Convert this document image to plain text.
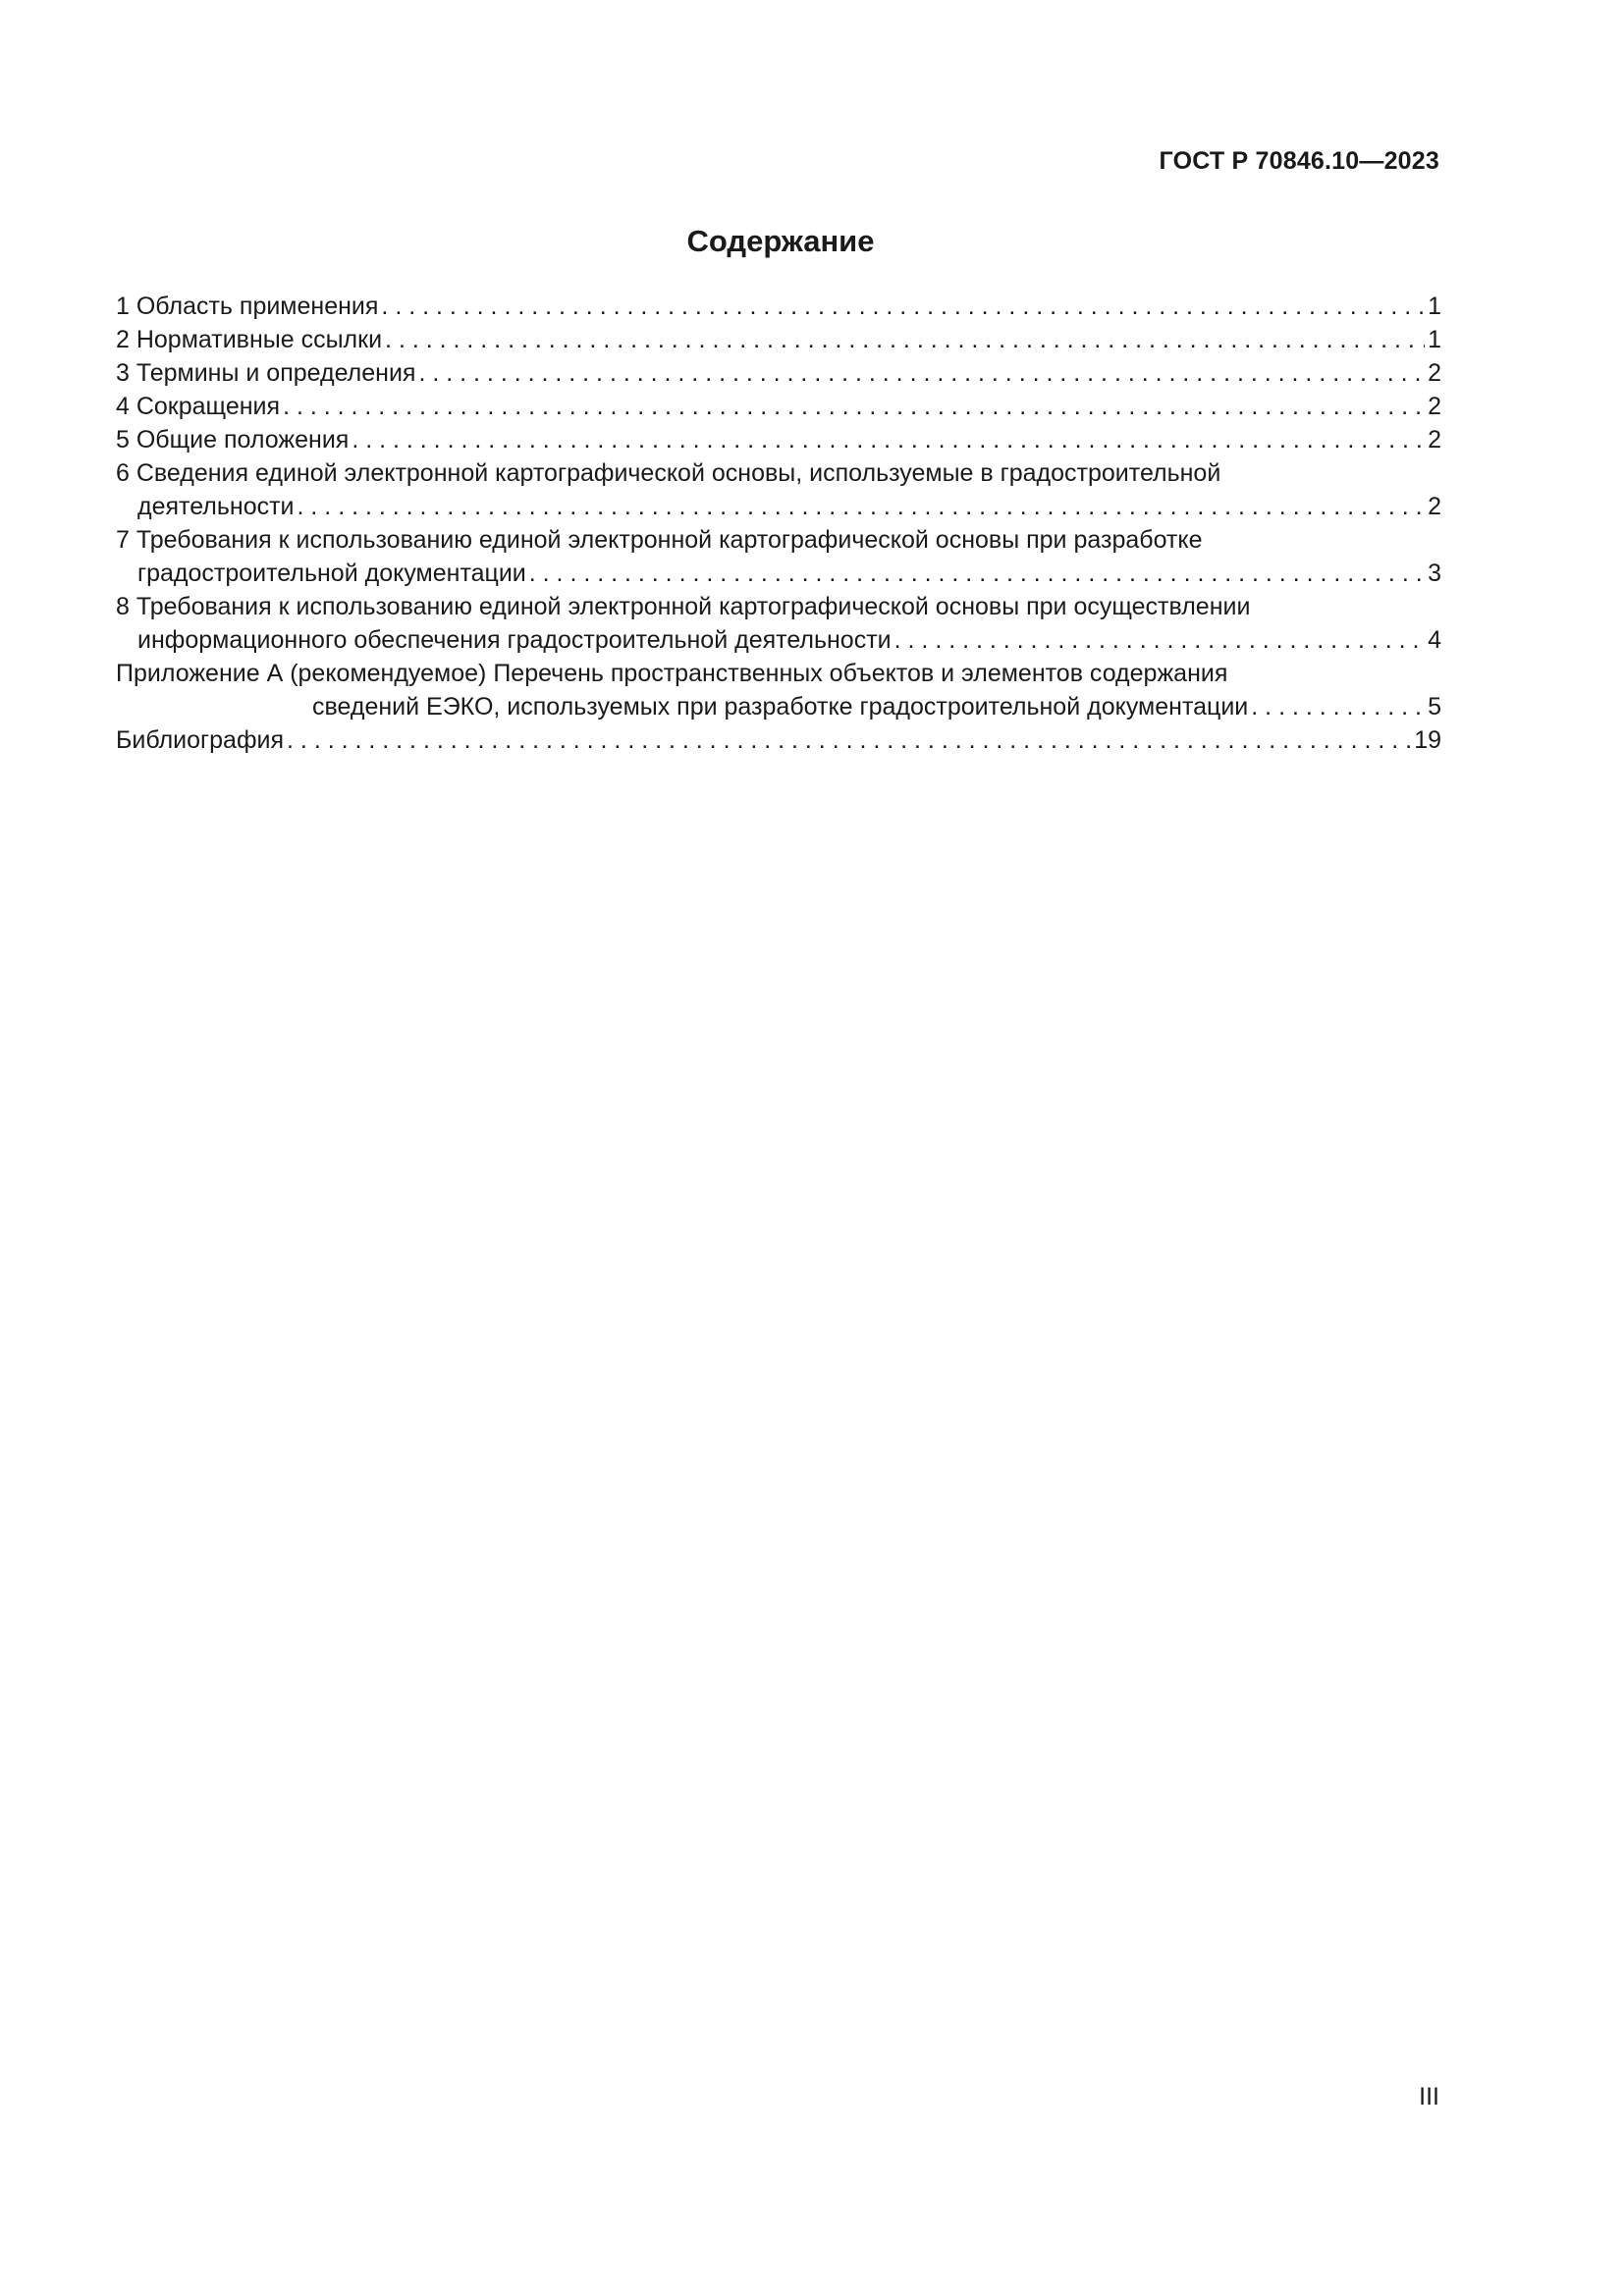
ГОСТ Р 70846.10—2023
Содержание
1 Область применения . . .	1
2 Нормативные ссылки . . .	1
3 Термины и определения . . .	2
4 Сокращения . . .	2
5 Общие положения . . .	2
6 Сведения единой электронной картографической основы, используемые в градостроительной
деятельности . . .	2
7 Требования к использованию единой электронной картографической основы при разработке
градостроительной документации . . .	3
8 Требования к использованию единой электронной картографической основы при осуществлении
информационного обеспечения градостроительной деятельности . . .	4
Приложение А (рекомендуемое) Перечень пространственных объектов и элементов содержания
сведений ЕЭКО, используемых при разработке градостроительной документации . . .	5
Библиография . . .	19
III
